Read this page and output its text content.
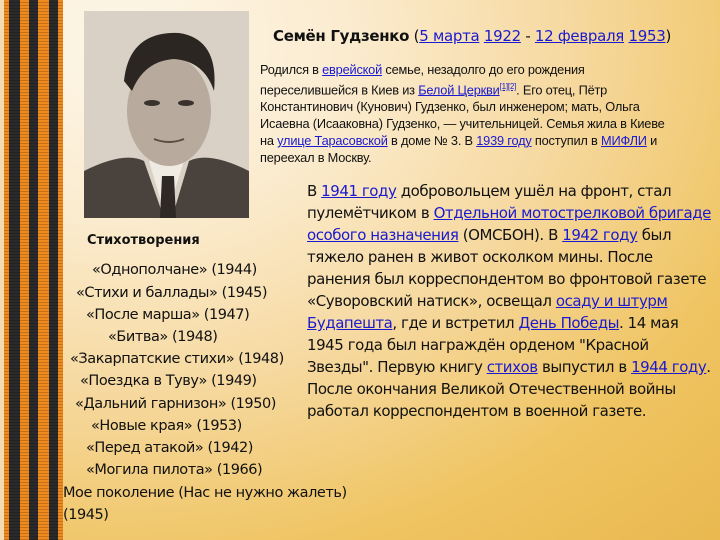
Семён Гудзенко (5 марта 1922 - 12 февраля 1953)
Родился в еврейской семье, незадолго до его рождения переселившейся в Киев из Белой Церкви[1][2]. Его отец, Пётр Константинович (Кунович) Гудзенко, был инженером; мать, Ольга Исаевна (Исааковна) Гудзенко, — учительницей. Семья жила в Киеве на улице Тарасовской в доме № 3. В 1939 году поступил в МИФЛИ и переехал в Москву.
В 1941 году добровольцем ушёл на фронт, стал пулемётчиком в Отдельной мотострелковой бригаде особого назначения (ОМСБОН). В 1942 году был тяжело ранен в живот осколком мины. После ранения был корреспондентом во фронтовой газете «Суворовский натиск», освещал осаду и штурм Будапешта, где и встретил День Победы. 14 мая 1945 года был награждён орденом "Красной Звезды". Первую книгу стихов выпустил в 1944 году. После окончания Великой Отечественной войны работал корреспондентом в военной газете.
Стихотворения
«Однополчане» (1944)
«Стихи и баллады» (1945)
«После марша» (1947)
«Битва» (1948)
«Закарпатские стихи» (1948)
«Поездка в Туву» (1949)
«Дальний гарнизон» (1950)
«Новые края» (1953)
«Перед атакой» (1942)
«Могила пилота» (1966)
Мое поколение (Нас не нужно жалеть)
(1945)
